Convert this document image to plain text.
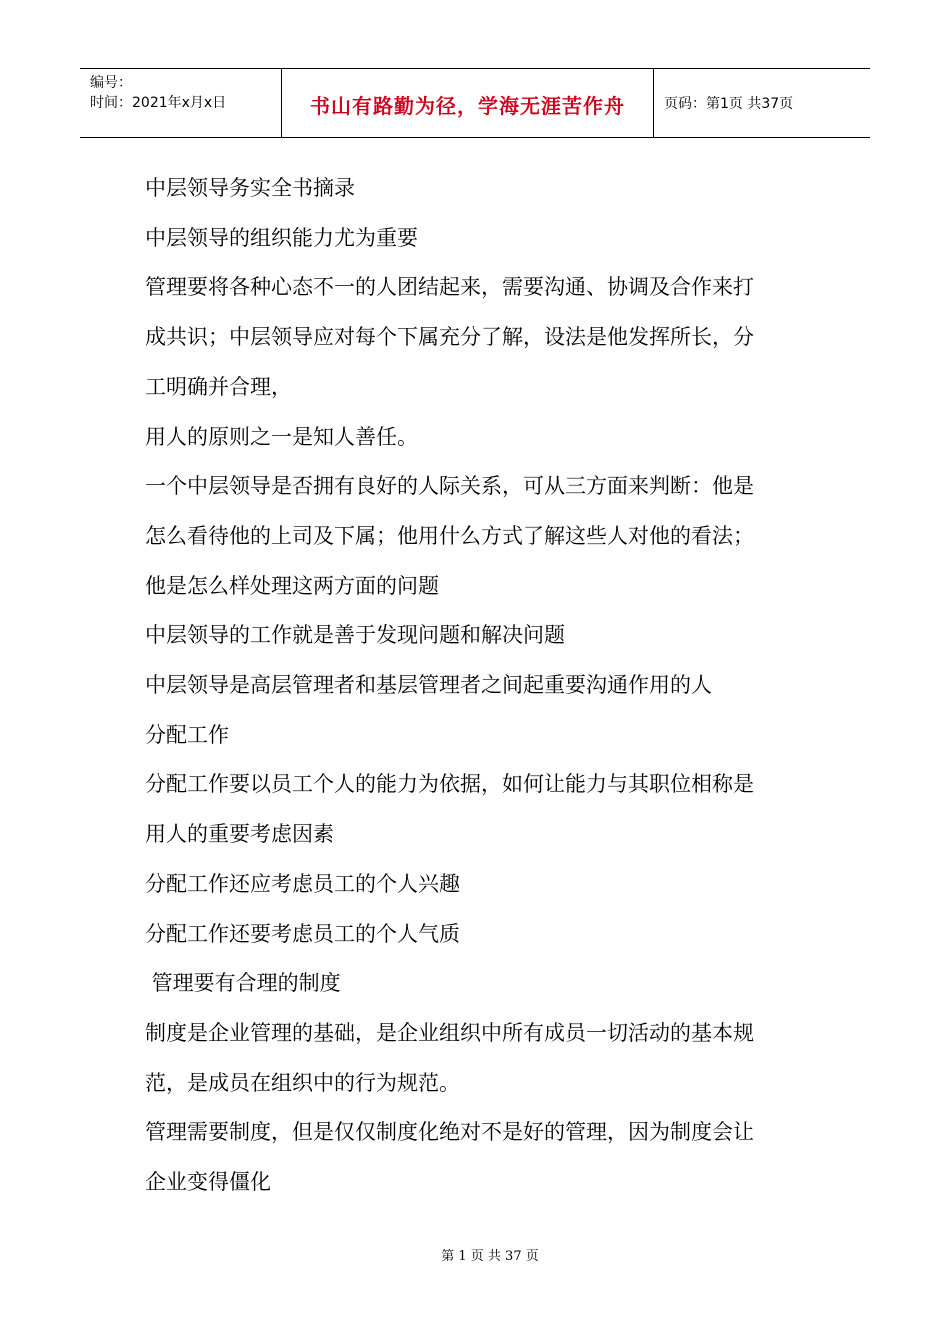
编号：
时间：2021年x月x日	书山有路勤为径，学海无涯苦作舟	页码：第1页 共37页

中层领导务实全书摘录

中层领导的组织能力尤为重要

管理要将各种心态不一的人团结起来，需要沟通、协调及合作来打

成共识；中层领导应对每个下属充分了解，设法是他发挥所长，分

工明确并合理，

用人的原则之一是知人善任。

一个中层领导是否拥有良好的人际关系，可从三方面来判断：他是

怎么看待他的上司及下属；他用什么方式了解这些人对他的看法；

他是怎么样处理这两方面的问题

中层领导的工作就是善于发现问题和解决问题

中层领导是高层管理者和基层管理者之间起重要沟通作用的人

分配工作

分配工作要以员工个人的能力为依据，如何让能力与其职位相称是

用人的重要考虑因素

分配工作还应考虑员工的个人兴趣

分配工作还要考虑员工的个人气质

管理要有合理的制度

制度是企业管理的基础，是企业组织中所有成员一切活动的基本规

范，是成员在组织中的行为规范。

管理需要制度，但是仅仅制度化绝对不是好的管理，因为制度会让

企业变得僵化

第 1 页 共 37 页
